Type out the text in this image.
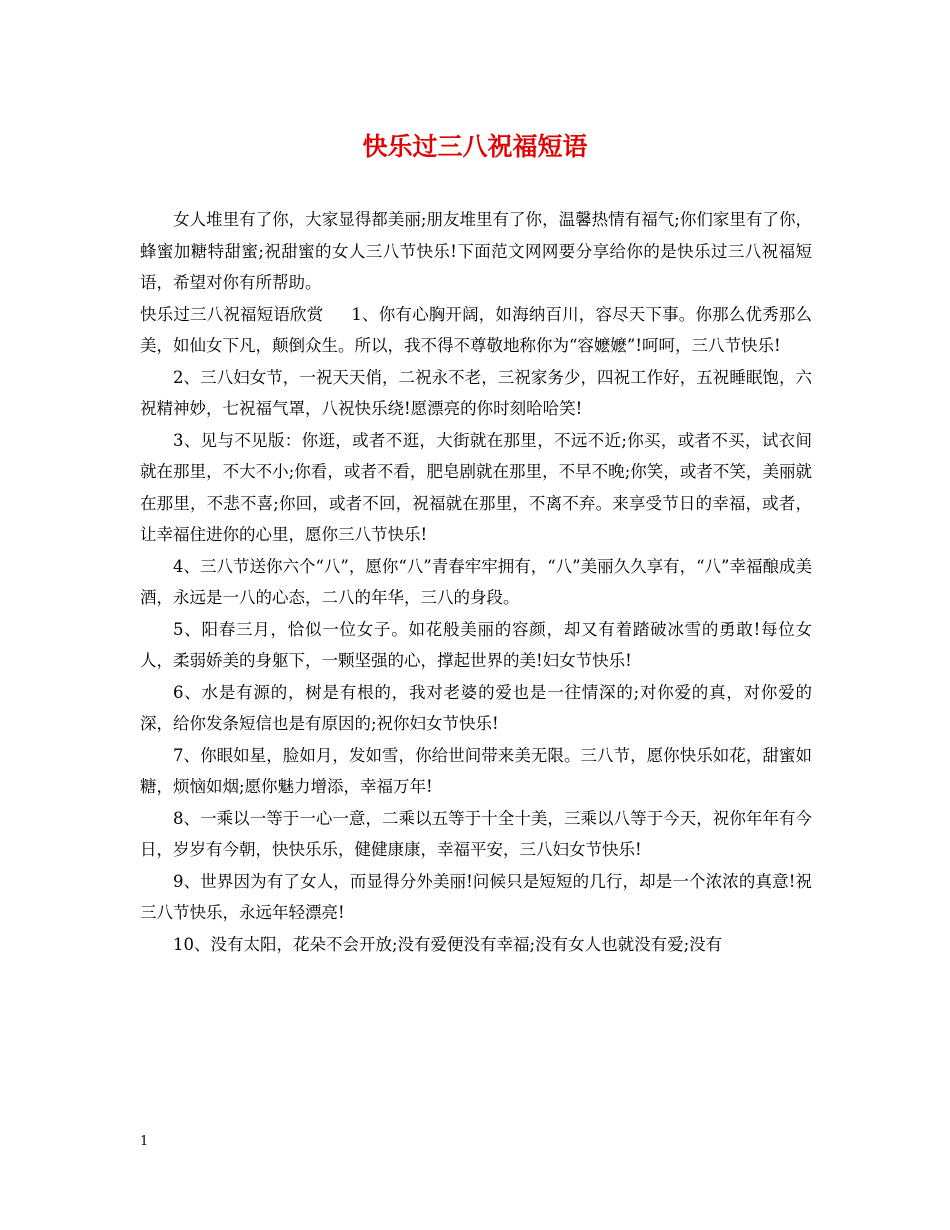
快乐过三八祝福短语

女人堆里有了你，大家显得都美丽;朋友堆里有了你，温馨热情有福气;你们家里有了你，蜂蜜加糖特甜蜜;祝甜蜜的女人三八节快乐!下面范文网网要分享给你的是快乐过三八祝福短语，希望对你有所帮助。

快乐过三八祝福短语欣赏 1、你有心胸开阔，如海纳百川，容尽天下事。你那么优秀那么美，如仙女下凡，颠倒众生。所以，我不得不尊敬地称你为“容嬷嬷”!呵呵，三八节快乐!

2、三八妇女节，一祝天天俏，二祝永不老，三祝家务少，四祝工作好，五祝睡眠饱，六祝精神妙，七祝福气罩，八祝快乐绕!愿漂亮的你时刻哈哈笑!

3、见与不见版：你逛，或者不逛，大街就在那里，不远不近;你买，或者不买，试衣间就在那里，不大不小;你看，或者不看，肥皂剧就在那里，不早不晚;你笑，或者不笑，美丽就在那里，不悲不喜;你回，或者不回，祝福就在那里，不离不弃。来享受节日的幸福，或者，让幸福住进你的心里，愿你三八节快乐!

4、三八节送你六个“八”，愿你“八”青春牢牢拥有，“八”美丽久久享有，“八”幸福酿成美酒，永远是一八的心态，二八的年华，三八的身段。

5、阳春三月，恰似一位女子。如花般美丽的容颜，却又有着踏破冰雪的勇敢!每位女人，柔弱娇美的身躯下，一颗坚强的心，撑起世界的美!妇女节快乐!

6、水是有源的，树是有根的，我对老婆的爱也是一往情深的;对你爱的真，对你爱的深，给你发条短信也是有原因的;祝你妇女节快乐!

7、你眼如星，脸如月，发如雪，你给世间带来美无限。三八节，愿你快乐如花，甜蜜如糖，烦恼如烟;愿你魅力增添，幸福万年!

8、一乘以一等于一心一意，二乘以五等于十全十美，三乘以八等于今天，祝你年年有今日，岁岁有今朝，快快乐乐，健健康康，幸福平安，三八妇女节快乐!

9、世界因为有了女人，而显得分外美丽!问候只是短短的几行，却是一个浓浓的真意!祝三八节快乐，永远年轻漂亮!

10、没有太阳，花朵不会开放;没有爱便没有幸福;没有女人也就没有爱;没有

1
